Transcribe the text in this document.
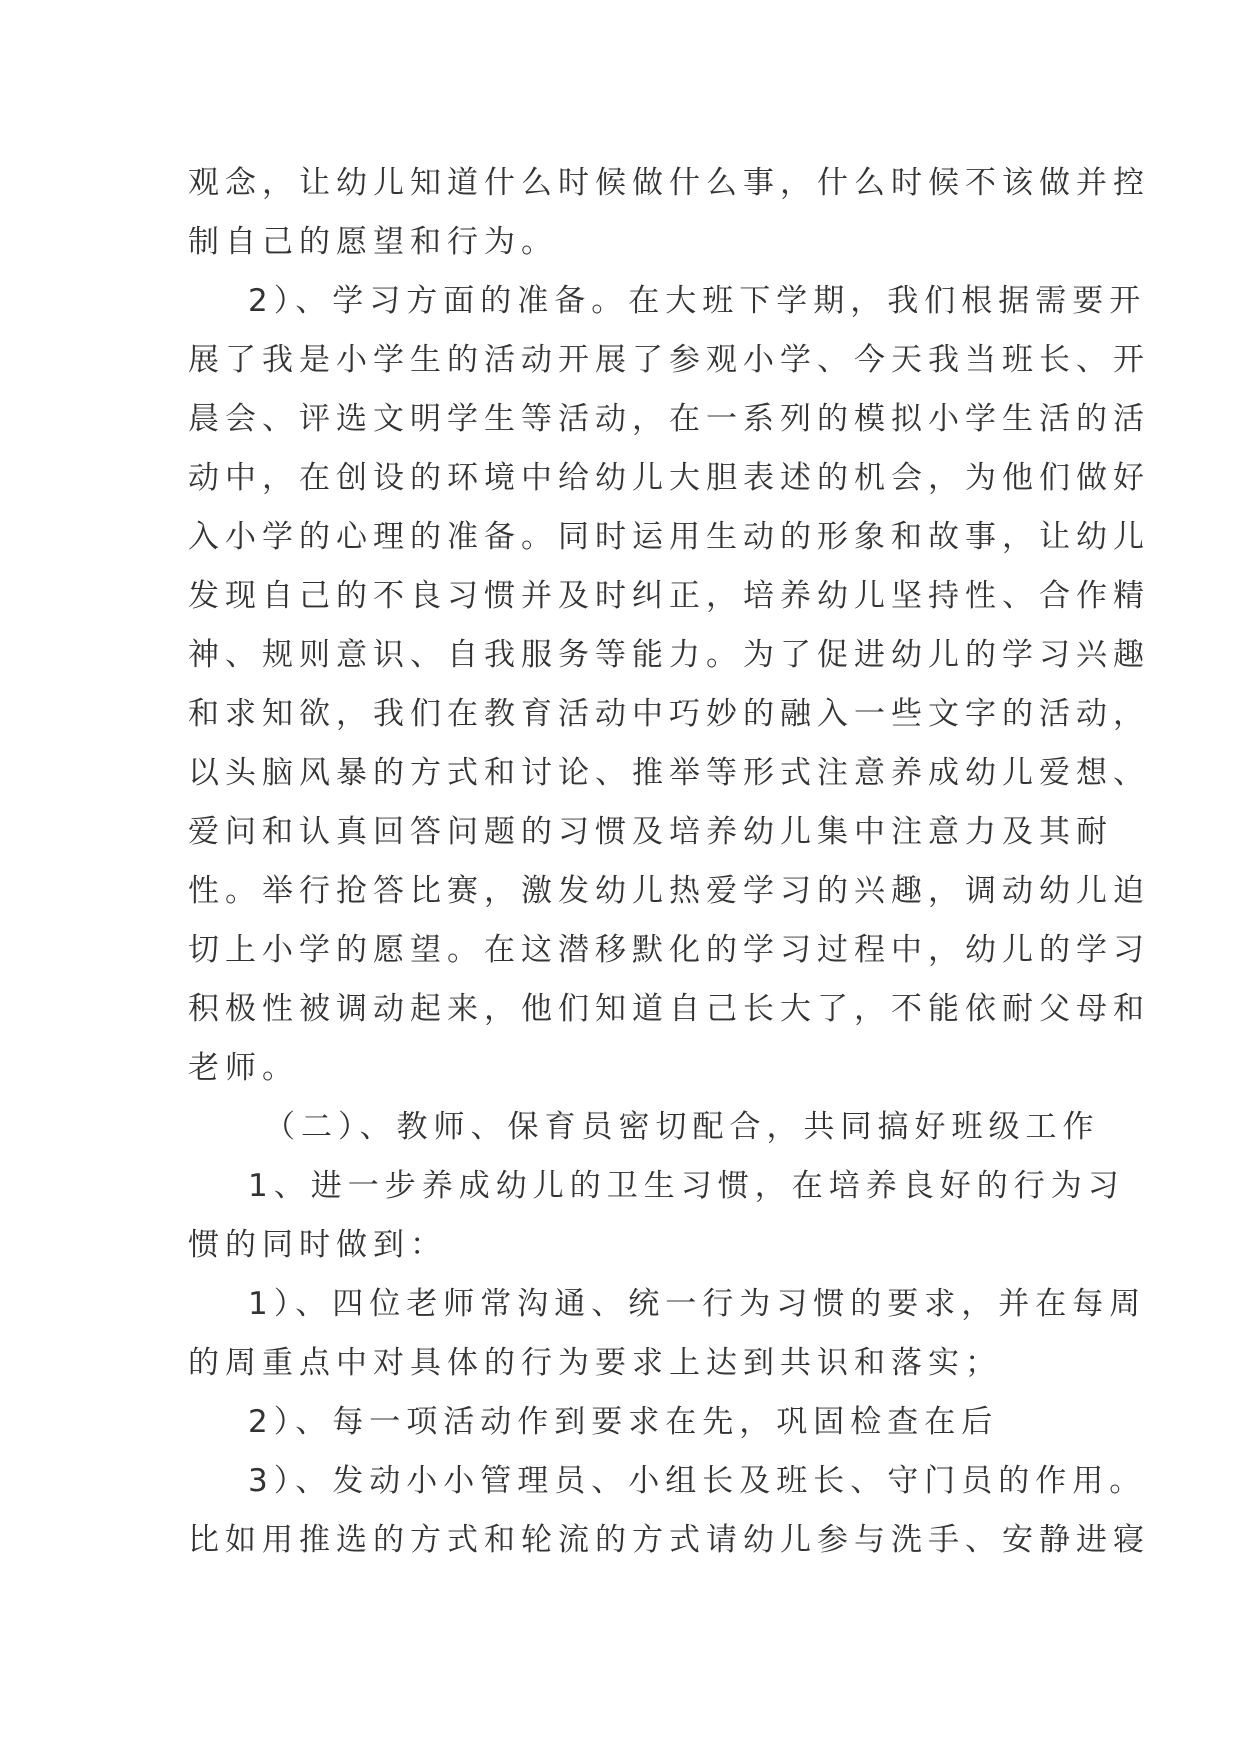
观念，让幼儿知道什么时候做什么事，什么时候不该做并控
制自己的愿望和行为。
2）、学习方面的准备。在大班下学期，我们根据需要开
展了我是小学生的活动开展了参观小学、今天我当班长、开
晨会、评选文明学生等活动，在一系列的模拟小学生活的活
动中，在创设的环境中给幼儿大胆表述的机会，为他们做好
入小学的心理的准备。同时运用生动的形象和故事，让幼儿
发现自己的不良习惯并及时纠正，培养幼儿坚持性、合作精
神、规则意识、自我服务等能力。为了促进幼儿的学习兴趣
和求知欲，我们在教育活动中巧妙的融入一些文字的活动，
以头脑风暴的方式和讨论、推举等形式注意养成幼儿爱想、
爱问和认真回答问题的习惯及培养幼儿集中注意力及其耐
性。举行抢答比赛，激发幼儿热爱学习的兴趣，调动幼儿迫
切上小学的愿望。在这潜移默化的学习过程中，幼儿的学习
积极性被调动起来，他们知道自己长大了，不能依耐父母和
老师。
（二）、教师、保育员密切配合，共同搞好班级工作
1、进一步养成幼儿的卫生习惯，在培养良好的行为习
惯的同时做到：
1）、四位老师常沟通、统一行为习惯的要求，并在每周
的周重点中对具体的行为要求上达到共识和落实；
2）、每一项活动作到要求在先，巩固检查在后
3）、发动小小管理员、小组长及班长、守门员的作用。
比如用推选的方式和轮流的方式请幼儿参与洗手、安静进寝
